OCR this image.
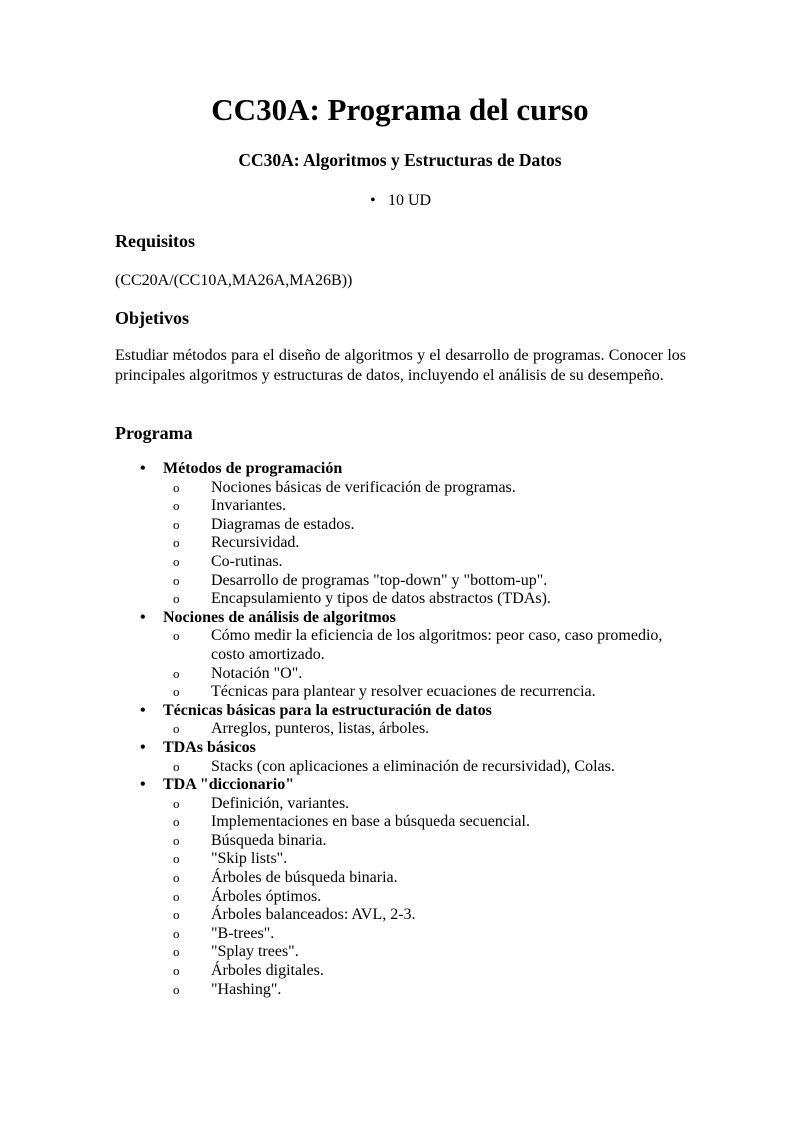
CC30A: Programa del curso
CC30A: Algoritmos y Estructuras de Datos
• 10 UD
Requisitos

(CC20A/(CC10A,MA26A,MA26B))

Objetivos

Estudiar métodos para el diseño de algoritmos y el desarrollo de programas. Conocer los principales algoritmos y estructuras de datos, incluyendo el análisis de su desempeño.

Programa
• Métodos de programación
o Nociones básicas de verificación de programas.
o Invariantes.
o Diagramas de estados.
o Recursividad.
o Co-rutinas.
o Desarrollo de programas "top-down" y "bottom-up".
o Encapsulamiento y tipos de datos abstractos (TDAs).
• Nociones de análisis de algoritmos
o Cómo medir la eficiencia de los algoritmos: peor caso, caso promedio, costo amortizado.
o Notación "O".
o Técnicas para plantear y resolver ecuaciones de recurrencia.
• Técnicas básicas para la estructuración de datos
o Arreglos, punteros, listas, árboles.
• TDAs básicos
o Stacks (con aplicaciones a eliminación de recursividad), Colas.
• TDA "diccionario"
o Definición, variantes.
o Implementaciones en base a búsqueda secuencial.
o Búsqueda binaria.
o "Skip lists".
o Árboles de búsqueda binaria.
o Árboles óptimos.
o Árboles balanceados: AVL, 2-3.
o "B-trees".
o "Splay trees".
o Árboles digitales.
o "Hashing".
